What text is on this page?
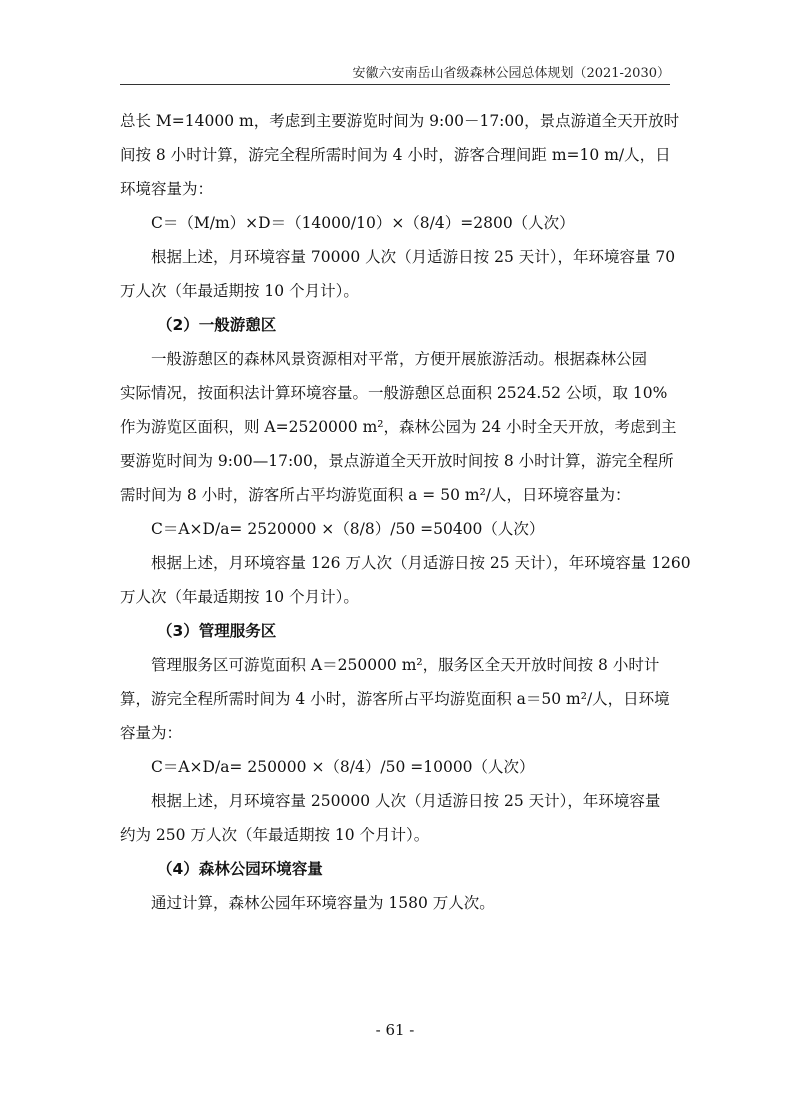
安徽六安南岳山省级森林公园总体规划（2021-2030）

总长 M=14000 m，考虑到主要游览时间为 9:00－17:00，景点游道全天开放时
间按 8 小时计算，游完全程所需时间为 4 小时，游客合理间距 m=10 m/人，日
环境容量为：

C＝（M/m）×D＝（14000/10）×（8/4）=2800（人次）

根据上述，月环境容量 70000 人次（月适游日按 25 天计），年环境容量 70
万人次（年最适期按 10 个月计）。

（2）一般游憩区

一般游憩区的森林风景资源相对平常，方便开展旅游活动。根据森林公园
实际情况，按面积法计算环境容量。一般游憩区总面积 2524.52 公顷，取 10%
作为游览区面积，则 A=2520000 m²，森林公园为 24 小时全天开放，考虑到主
要游览时间为 9:00—17:00，景点游道全天开放时间按 8 小时计算，游完全程所
需时间为 8 小时，游客所占平均游览面积 a = 50 m²/人，日环境容量为：

C＝A×D/a= 2520000 ×（8/8）/50 =50400（人次）

根据上述，月环境容量 126 万人次（月适游日按 25 天计），年环境容量 1260
万人次（年最适期按 10 个月计）。

（3）管理服务区

管理服务区可游览面积 A＝250000 m²，服务区全天开放时间按 8 小时计
算，游完全程所需时间为 4 小时，游客所占平均游览面积 a＝50 m²/人，日环境
容量为：

C＝A×D/a= 250000 ×（8/4）/50 =10000（人次）

根据上述，月环境容量 250000 人次（月适游日按 25 天计），年环境容量
约为 250 万人次（年最适期按 10 个月计）。

（4）森林公园环境容量

通过计算，森林公园年环境容量为 1580 万人次。

- 61 -
